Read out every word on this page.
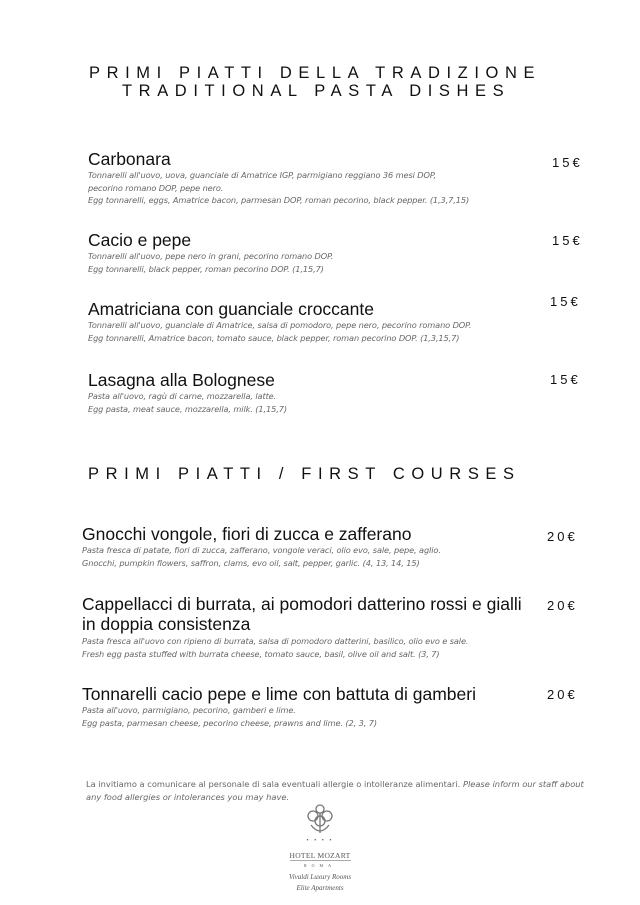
PRIMI PIATTI DELLA TRADIZIONE
TRADITIONAL PASTA DISHES
Carbonara
Tonnarelli all'uovo, uova, guanciale di Amatrice IGP, parmigiano reggiano 36 mesi DOP,
pecorino romano DOP, pepe nero.
Egg tonnarelli, eggs, Amatrice bacon, parmesan DOP, roman pecorino, black pepper. (1,3,7,15)
15€
Cacio e pepe
Tonnarelli all'uovo, pepe nero in grani, pecorino romano DOP.
Egg tonnarelli, black pepper, roman pecorino DOP. (1,15,7)
15€
Amatriciana con guanciale croccante
Tonnarelli all'uovo, guanciale di Amatrice, salsa di pomodoro, pepe nero, pecorino romano DOP.
Egg tonnarelli, Amatrice bacon, tomato sauce, black pepper, roman pecorino DOP. (1,3,15,7)
15€
Lasagna alla Bolognese
Pasta all'uovo, ragù di carne, mozzarella, latte.
Egg pasta, meat sauce, mozzarella, milk. (1,15,7)
15€
PRIMI PIATTI / FIRST COURSES
Gnocchi vongole, fiori di zucca e zafferano
Pasta fresca di patate, fiori di zucca, zafferano, vongole veraci, olio evo, sale, pepe, aglio.
Gnocchi, pumpkin flowers, saffron, clams, evo oil, salt, pepper, garlic. (4, 13, 14, 15)
20€
Cappellacci di burrata, ai pomodori datterino rossi e gialli
in doppia consistenza
Pasta fresca all'uovo con ripieno di burrata, salsa di pomodoro datterini, basilico, olio evo e sale.
Fresh egg pasta stuffed with burrata cheese, tomato sauce, basil, olive oil and salt. (3, 7)
20€
Tonnarelli cacio pepe e lime con battuta di gamberi
Pasta all'uovo, parmigiano, pecorino, gamberi e lime.
Egg pasta, parmesan cheese, pecorino cheese, prawns and lime. (2, 3, 7)
20€
La invitiamo a comunicare al personale di sala eventuali allergie o intolleranze alimentari. Please inform our staff about any food allergies or intolerances you may have.
• • • •
HOTEL MOZART
ROMA
Vivaldi Luxury Rooms
Elite Apartments
